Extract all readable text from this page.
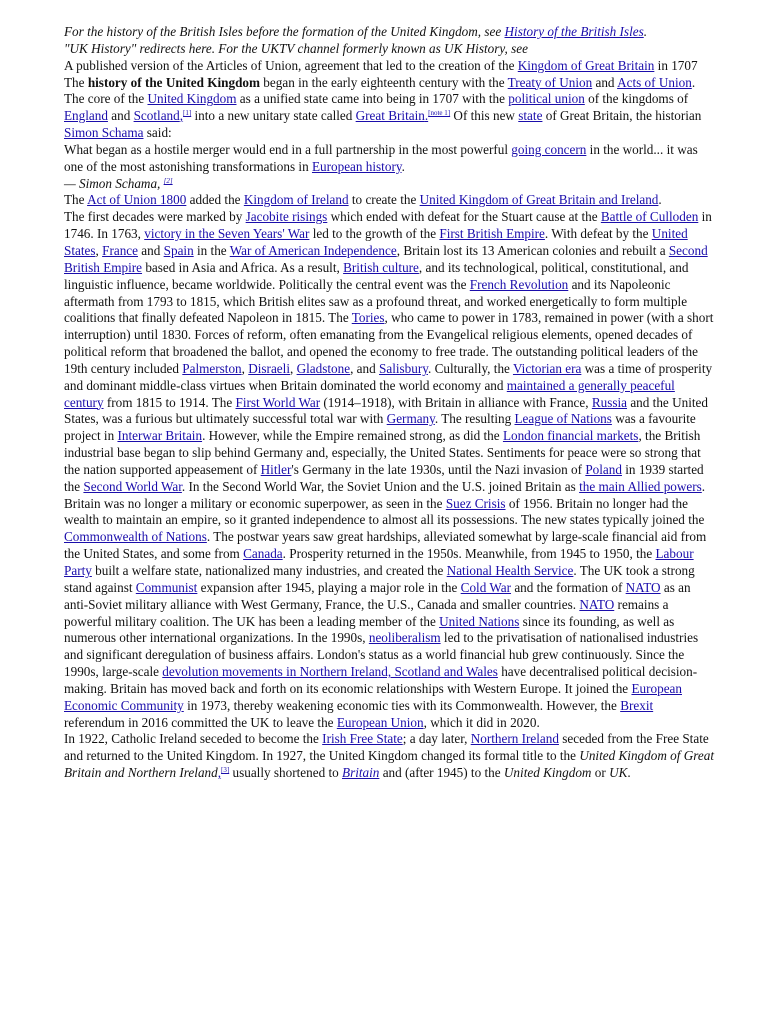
For the history of the British Isles before the formation of the United Kingdom, see History of the British Isles.

"UK History" redirects here. For the UKTV channel formerly known as UK History, see

A published version of the Articles of Union, agreement that led to the creation of the Kingdom of Great Britain in 1707

The history of the United Kingdom began in the early eighteenth century with the Treaty of Union and Acts of Union. The core of the United Kingdom as a unified state came into being in 1707 with the political union of the kingdoms of England and Scotland,[1] into a new unitary state called Great Britain.[note 1] Of this new state of Great Britain, the historian Simon Schama said:

What began as a hostile merger would end in a full partnership in the most powerful going concern in the world... it was one of the most astonishing transformations in European history.

— Simon Schama, [2]

The Act of Union 1800 added the Kingdom of Ireland to create the United Kingdom of Great Britain and Ireland.

The first decades were marked by Jacobite risings which ended with defeat for the Stuart cause at the Battle of Culloden in 1746. In 1763, victory in the Seven Years' War led to the growth of the First British Empire. With defeat by the United States, France and Spain in the War of American Independence, Britain lost its 13 American colonies and rebuilt a Second British Empire based in Asia and Africa. As a result, British culture, and its technological, political, constitutional, and linguistic influence, became worldwide. Politically the central event was the French Revolution and its Napoleonic aftermath from 1793 to 1815, which British elites saw as a profound threat, and worked energetically to form multiple coalitions that finally defeated Napoleon in 1815. The Tories, who came to power in 1783, remained in power (with a short interruption) until 1830. Forces of reform, often emanating from the Evangelical religious elements, opened decades of political reform that broadened the ballot, and opened the economy to free trade. The outstanding political leaders of the 19th century included Palmerston, Disraeli, Gladstone, and Salisbury. Culturally, the Victorian era was a time of prosperity and dominant middle-class virtues when Britain dominated the world economy and maintained a generally peaceful century from 1815 to 1914. The First World War (1914–1918), with Britain in alliance with France, Russia and the United States, was a furious but ultimately successful total war with Germany. The resulting League of Nations was a favourite project in Interwar Britain. However, while the Empire remained strong, as did the London financial markets, the British industrial base began to slip behind Germany and, especially, the United States. Sentiments for peace were so strong that the nation supported appeasement of Hitler's Germany in the late 1930s, until the Nazi invasion of Poland in 1939 started the Second World War. In the Second World War, the Soviet Union and the U.S. joined Britain as the main Allied powers.

Britain was no longer a military or economic superpower, as seen in the Suez Crisis of 1956. Britain no longer had the wealth to maintain an empire, so it granted independence to almost all its possessions. The new states typically joined the Commonwealth of Nations. The postwar years saw great hardships, alleviated somewhat by large-scale financial aid from the United States, and some from Canada. Prosperity returned in the 1950s. Meanwhile, from 1945 to 1950, the Labour Party built a welfare state, nationalized many industries, and created the National Health Service. The UK took a strong stand against Communist expansion after 1945, playing a major role in the Cold War and the formation of NATO as an anti-Soviet military alliance with West Germany, France, the U.S., Canada and smaller countries. NATO remains a powerful military coalition. The UK has been a leading member of the United Nations since its founding, as well as numerous other international organizations. In the 1990s, neoliberalism led to the privatisation of nationalised industries and significant deregulation of business affairs. London's status as a world financial hub grew continuously. Since the 1990s, large-scale devolution movements in Northern Ireland, Scotland and Wales have decentralised political decision-making. Britain has moved back and forth on its economic relationships with Western Europe. It joined the European Economic Community in 1973, thereby weakening economic ties with its Commonwealth. However, the Brexit referendum in 2016 committed the UK to leave the European Union, which it did in 2020.

In 1922, Catholic Ireland seceded to become the Irish Free State; a day later, Northern Ireland seceded from the Free State and returned to the United Kingdom. In 1927, the United Kingdom changed its formal title to the United Kingdom of Great Britain and Northern Ireland,[3] usually shortened to Britain and (after 1945) to the United Kingdom or UK.
